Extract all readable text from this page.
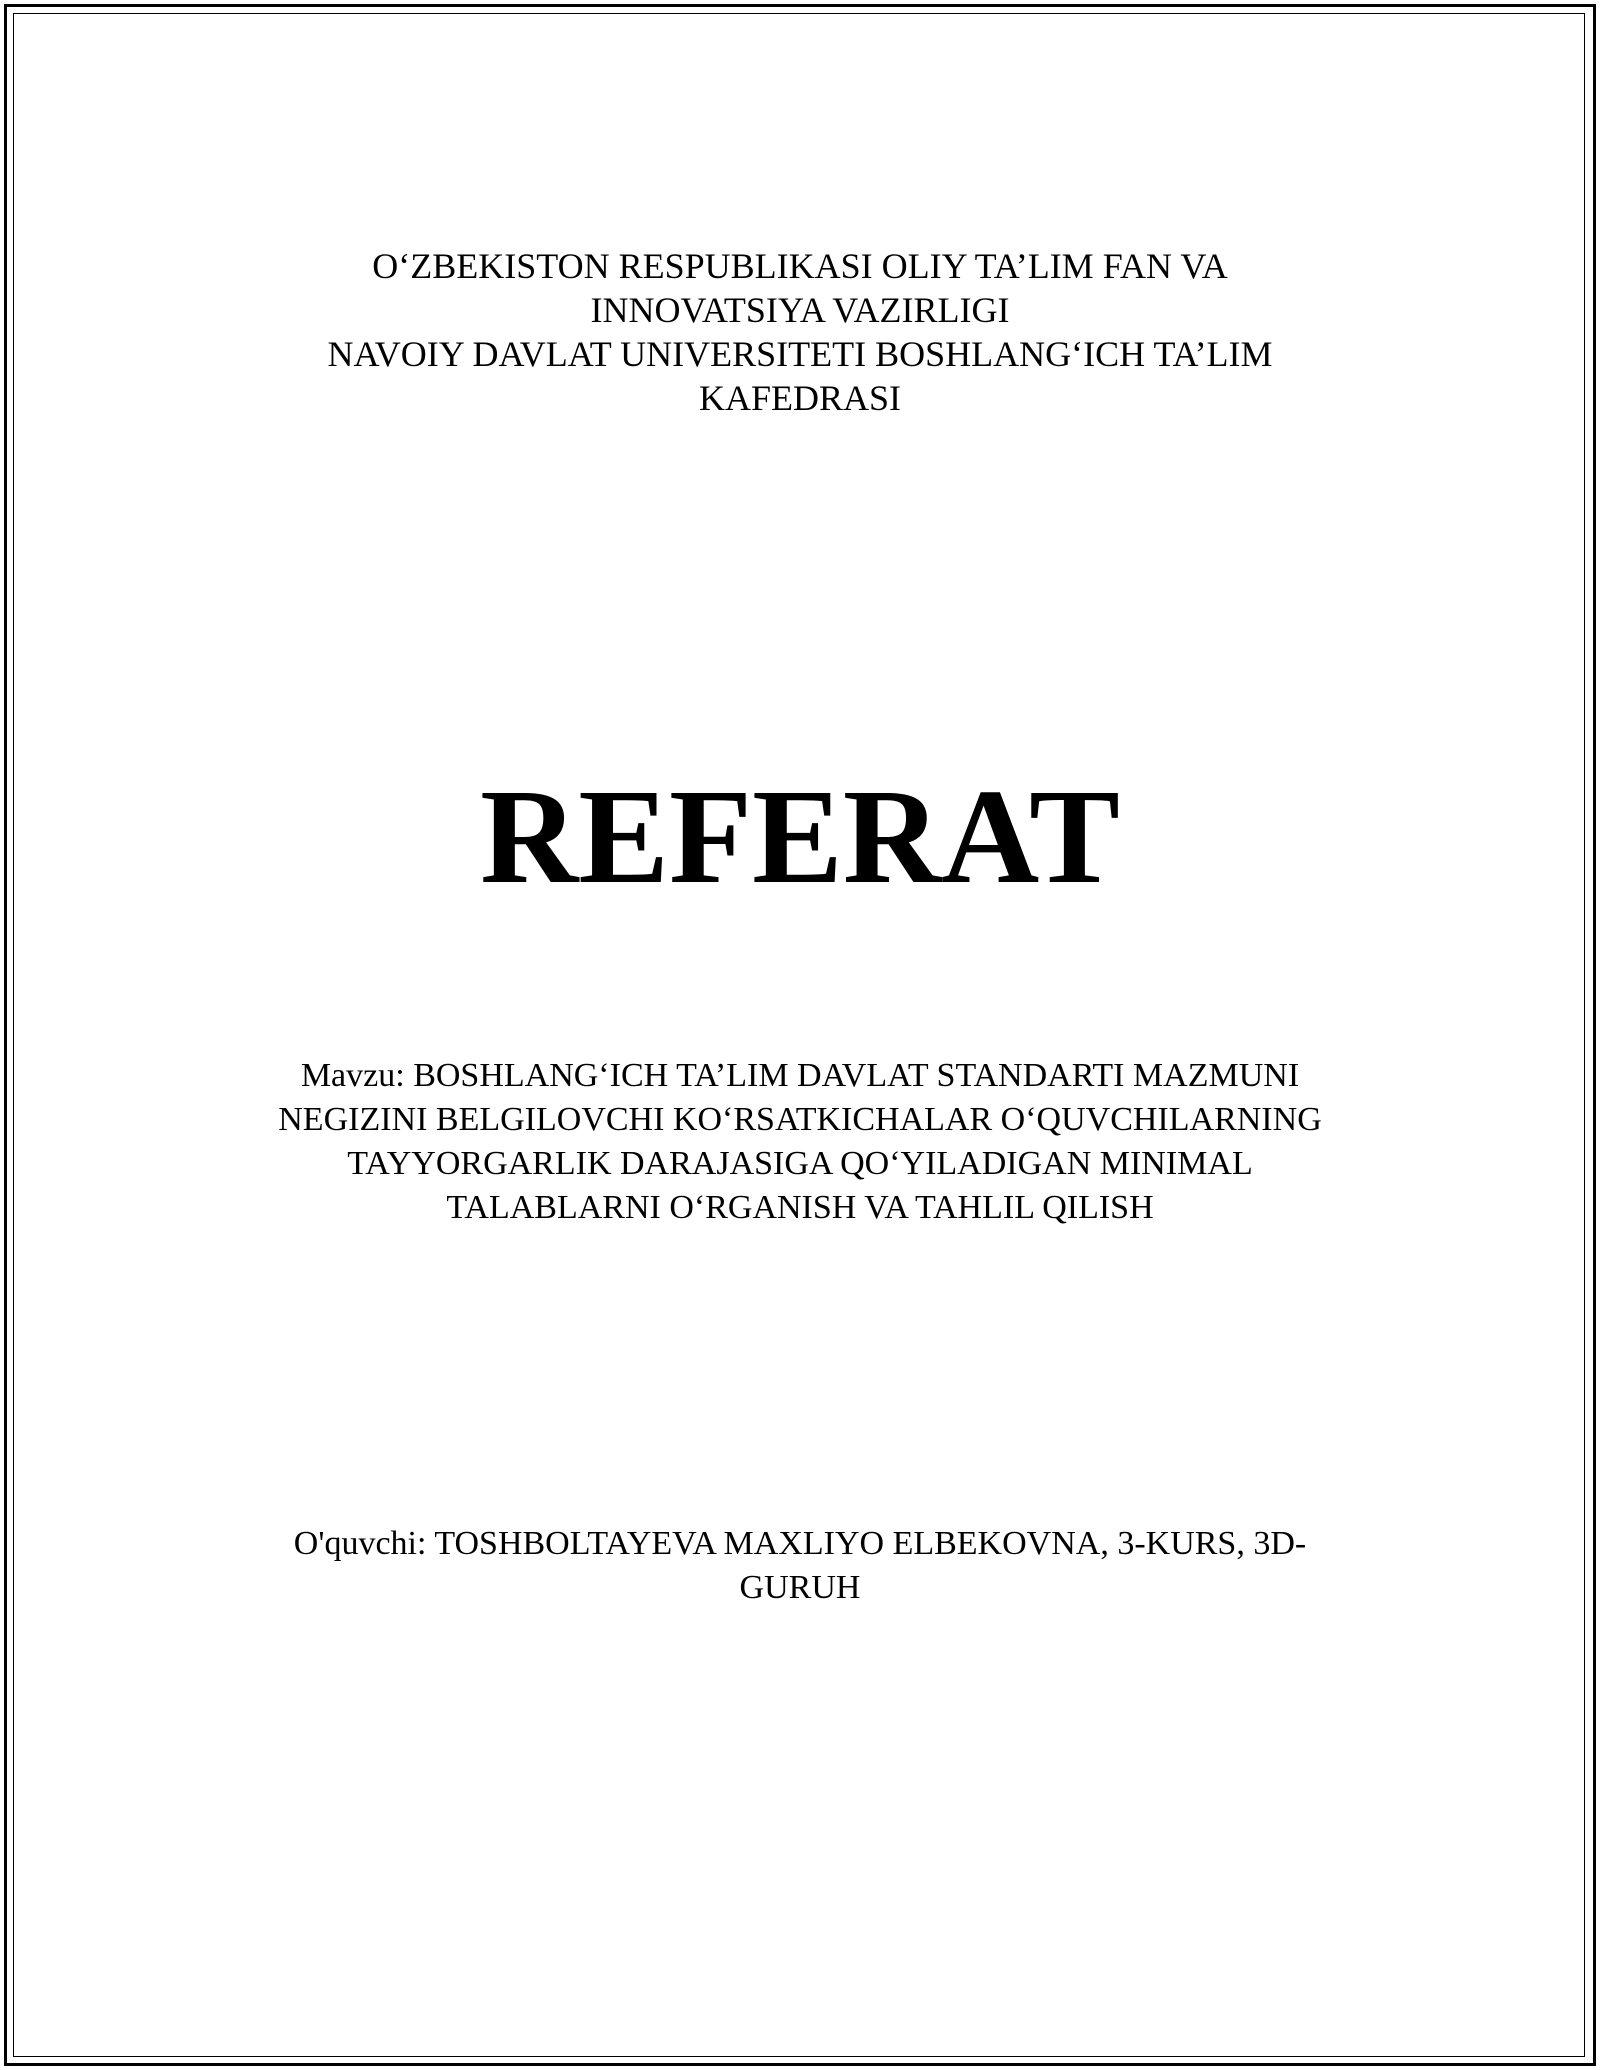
O‘ZBEKISTON RESPUBLIKASI OLIY TA’LIM FAN VA
INNOVATSIYA VAZIRLIGI
NAVOIY DAVLAT UNIVERSITETI BOSHLANG‘ICH TA’LIM
KAFEDRASI
REFERAT
Mavzu: BOSHLANG‘ICH TA’LIM DAVLAT STANDARTI MAZMUNI
NEGIZINI BELGILOVCHI KO‘RSATKICHALAR O‘QUVCHILARNING
TAYYORGARLIK DARAJASIGA QO‘YILADIGAN MINIMAL
TALABLARNI O‘RGANISH VA TAHLIL QILISH
O'quvchi: TOSHBOLTAYEVA MAXLIYO ELBEKOVNA, 3-KURS, 3D-
GURUH
